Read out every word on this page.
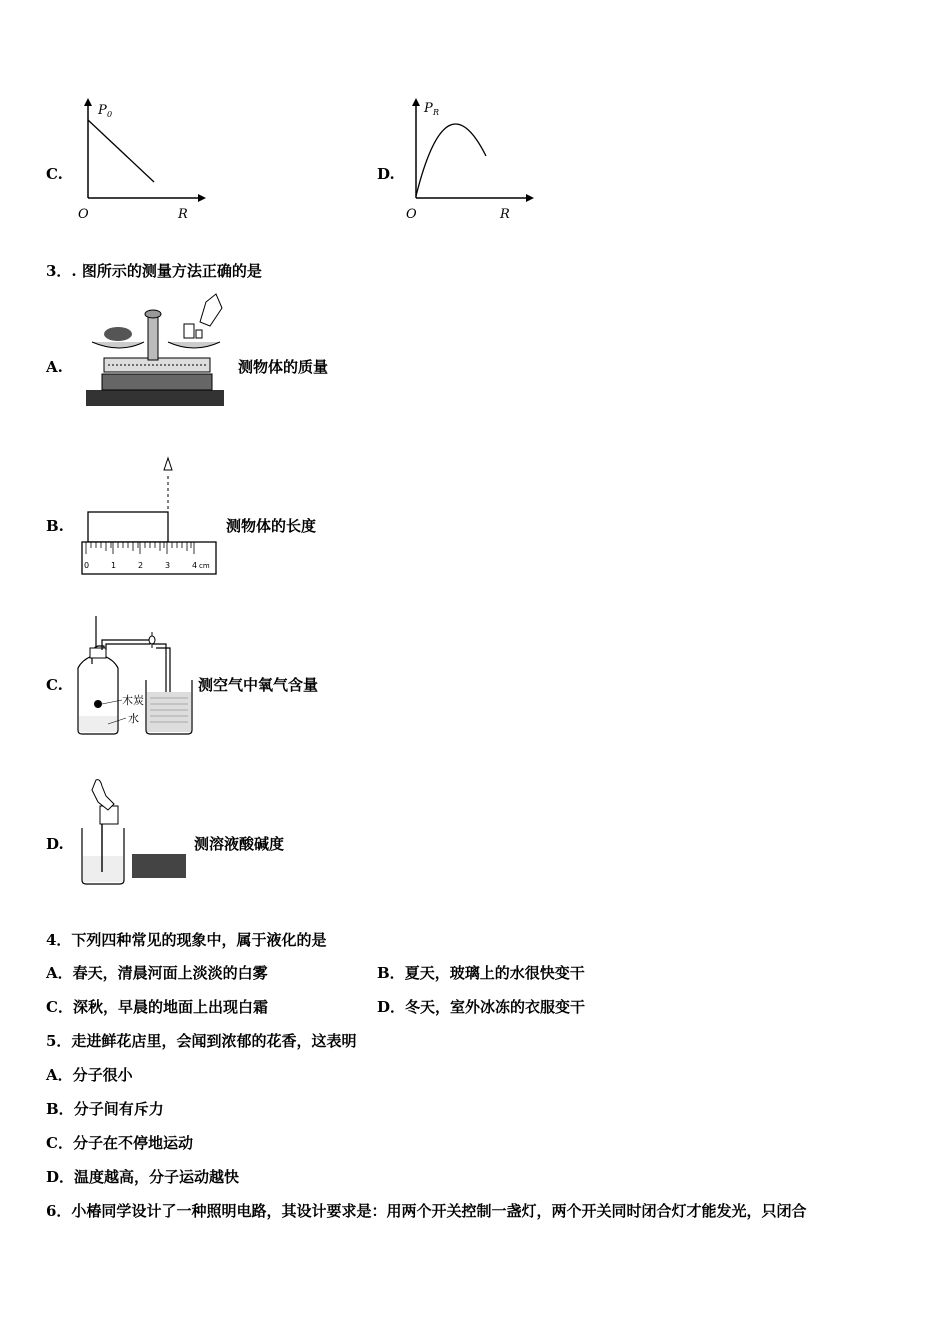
C.
P 0
O	R
D.
P R
O	R
3．. 图所示的测量方法正确的是
A.	测物体的质量
B.
0	1	2	3	4 cm
测物体的长度
C.
木炭
水
测空气中氧气含量
D.	测溶液酸碱度
4．下列四种常见的现象中，属于液化的是
A．春天，清晨河面上淡淡的白雾	B．夏天，玻璃上的水很快变干
C．深秋，早晨的地面上出现白霜	D．冬天，室外冰冻的衣服变干
5．走进鲜花店里，会闻到浓郁的花香，这表明
A．分子很小
B．分子间有斥力
C．分子在不停地运动
D．温度越高，分子运动越快
6．小椿同学设计了一种照明电路，其设计要求是：用两个开关控制一盏灯，两个开关同时闭合灯才能发光，只闭合
